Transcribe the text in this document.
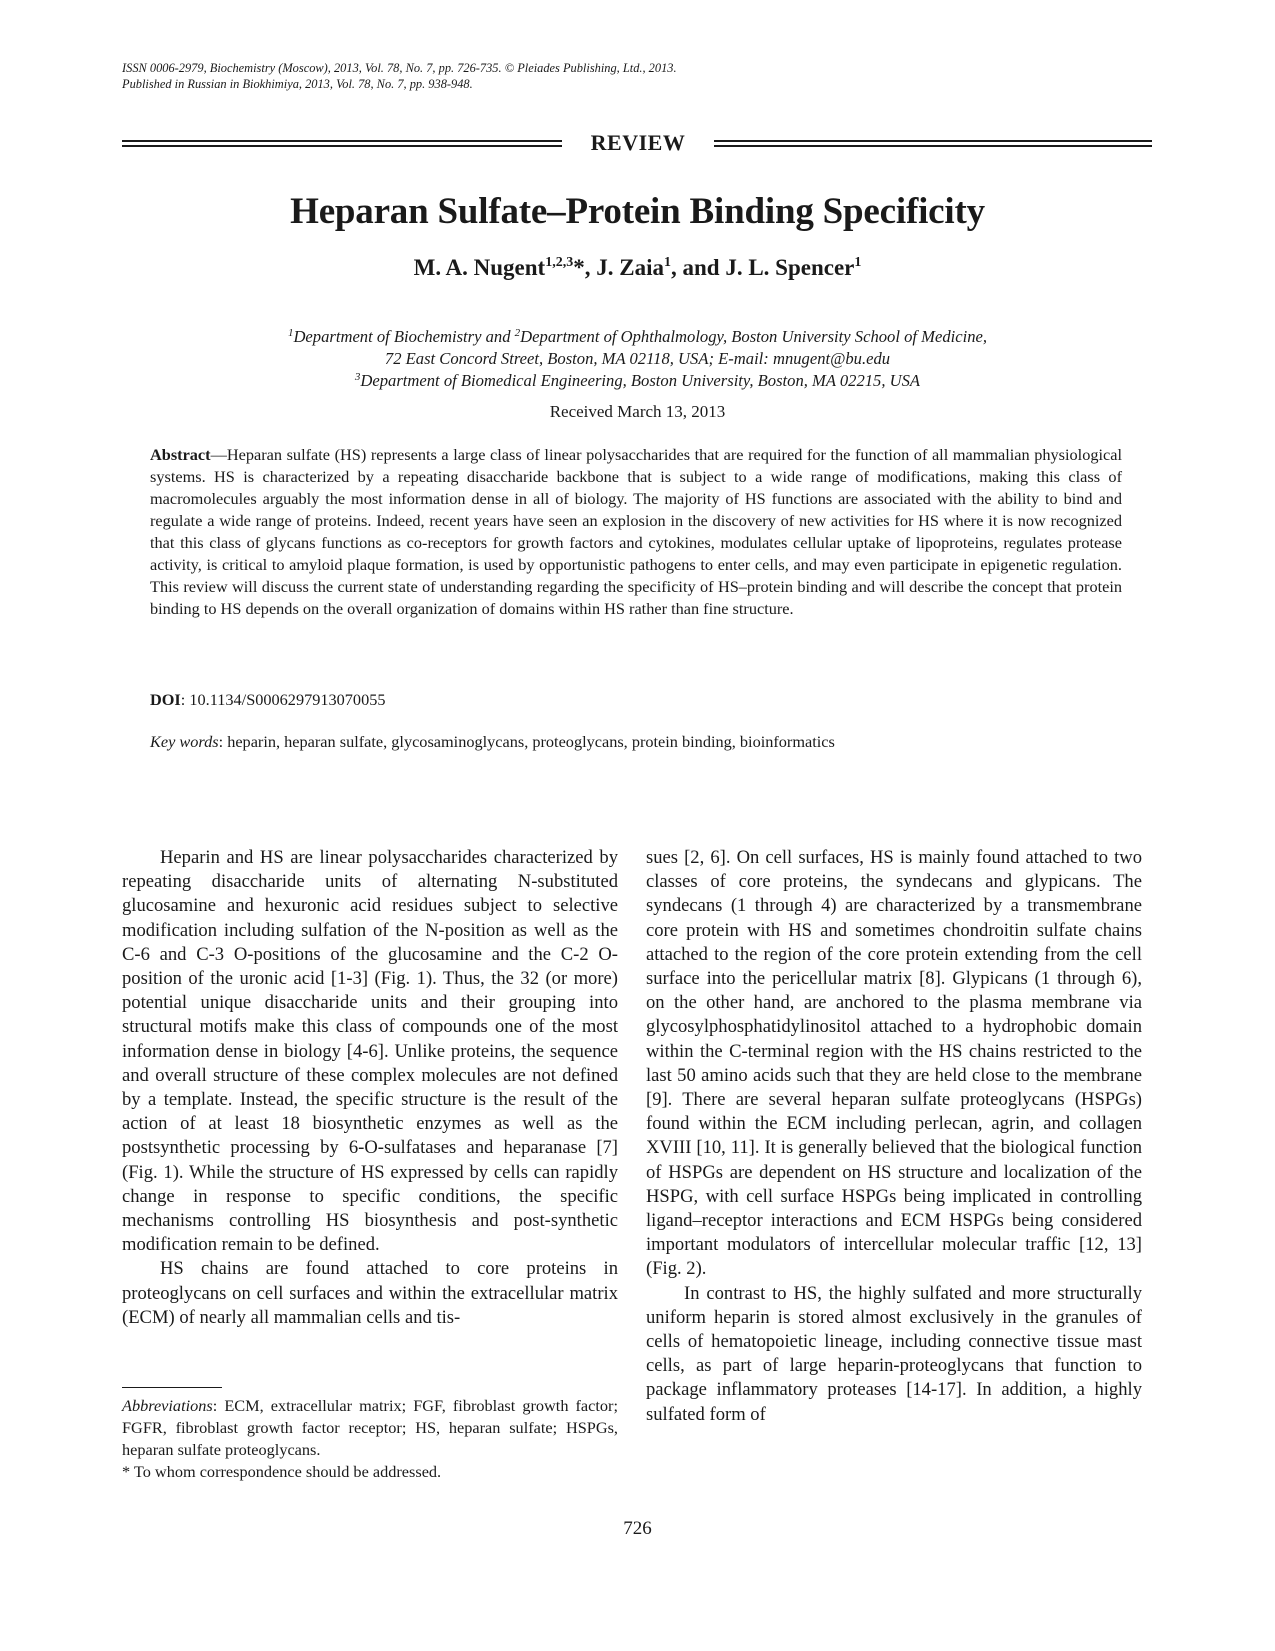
ISSN 0006-2979, Biochemistry (Moscow), 2013, Vol. 78, No. 7, pp. 726-735. © Pleiades Publishing, Ltd., 2013.
Published in Russian in Biokhimiya, 2013, Vol. 78, No. 7, pp. 938-948.
REVIEW
Heparan Sulfate–Protein Binding Specificity
M. A. Nugent$^{1,2,3}$*, J. Zaia$^1$, and J. L. Spencer$^1$
$^1$Department of Biochemistry and $^2$Department of Ophthalmology, Boston University School of Medicine,
72 East Concord Street, Boston, MA 02118, USA; E-mail: mnugent@bu.edu
$^3$Department of Biomedical Engineering, Boston University, Boston, MA 02215, USA
Received March 13, 2013
Abstract—Heparan sulfate (HS) represents a large class of linear polysaccharides that are required for the function of all mammalian physiological systems. HS is characterized by a repeating disaccharide backbone that is subject to a wide range of modifications, making this class of macromolecules arguably the most information dense in all of biology. The majority of HS functions are associated with the ability to bind and regulate a wide range of proteins. Indeed, recent years have seen an explosion in the discovery of new activities for HS where it is now recognized that this class of glycans functions as co-receptors for growth factors and cytokines, modulates cellular uptake of lipoproteins, regulates protease activity, is critical to amyloid plaque formation, is used by opportunistic pathogens to enter cells, and may even participate in epigenetic regulation. This review will discuss the current state of understanding regarding the specificity of HS–protein binding and will describe the concept that protein binding to HS depends on the overall organization of domains within HS rather than fine structure.
DOI: 10.1134/S0006297913070055
Key words: heparin, heparan sulfate, glycosaminoglycans, proteoglycans, protein binding, bioinformatics

Heparin and HS are linear polysaccharides characterized by repeating disaccharide units of alternating N-substituted glucosamine and hexuronic acid residues subject to selective modification including sulfation of the N-position as well as the C-6 and C-3 O-positions of the glucosamine and the C-2 O-position of the uronic acid [1-3] (Fig. 1). Thus, the 32 (or more) potential unique disaccharide units and their grouping into structural motifs make this class of compounds one of the most information dense in biology [4-6]. Unlike proteins, the sequence and overall structure of these complex molecules are not defined by a template. Instead, the specific structure is the result of the action of at least 18 biosynthetic enzymes as well as the postsynthetic processing by 6-O-sulfatases and heparanase [7] (Fig. 1). While the structure of HS expressed by cells can rapidly change in response to specific conditions, the specific mechanisms controlling HS biosynthesis and post-synthetic modification remain to be defined.

HS chains are found attached to core proteins in proteoglycans on cell surfaces and within the extracellular matrix (ECM) of nearly all mammalian cells and tis-

sues [2, 6]. On cell surfaces, HS is mainly found attached to two classes of core proteins, the syndecans and glypicans. The syndecans (1 through 4) are characterized by a transmembrane core protein with HS and sometimes chondroitin sulfate chains attached to the region of the core protein extending from the cell surface into the pericellular matrix [8]. Glypicans (1 through 6), on the other hand, are anchored to the plasma membrane via glycosylphosphatidylinositol attached to a hydrophobic domain within the C-terminal region with the HS chains restricted to the last 50 amino acids such that they are held close to the membrane [9]. There are several heparan sulfate proteoglycans (HSPGs) found within the ECM including perlecan, agrin, and collagen XVIII [10, 11]. It is generally believed that the biological function of HSPGs are dependent on HS structure and localization of the HSPG, with cell surface HSPGs being implicated in controlling ligand–receptor interactions and ECM HSPGs being considered important modulators of intercellular molecular traffic [12, 13] (Fig. 2).

In contrast to HS, the highly sulfated and more structurally uniform heparin is stored almost exclusively in the granules of cells of hematopoietic lineage, including connective tissue mast cells, as part of large heparin-proteoglycans that function to package inflammatory proteases [14-17]. In addition, a highly sulfated form of

Abbreviations: ECM, extracellular matrix; FGF, fibroblast growth factor; FGFR, fibroblast growth factor receptor; HS, heparan sulfate; HSPGs, heparan sulfate proteoglycans.

* To whom correspondence should be addressed.

726
